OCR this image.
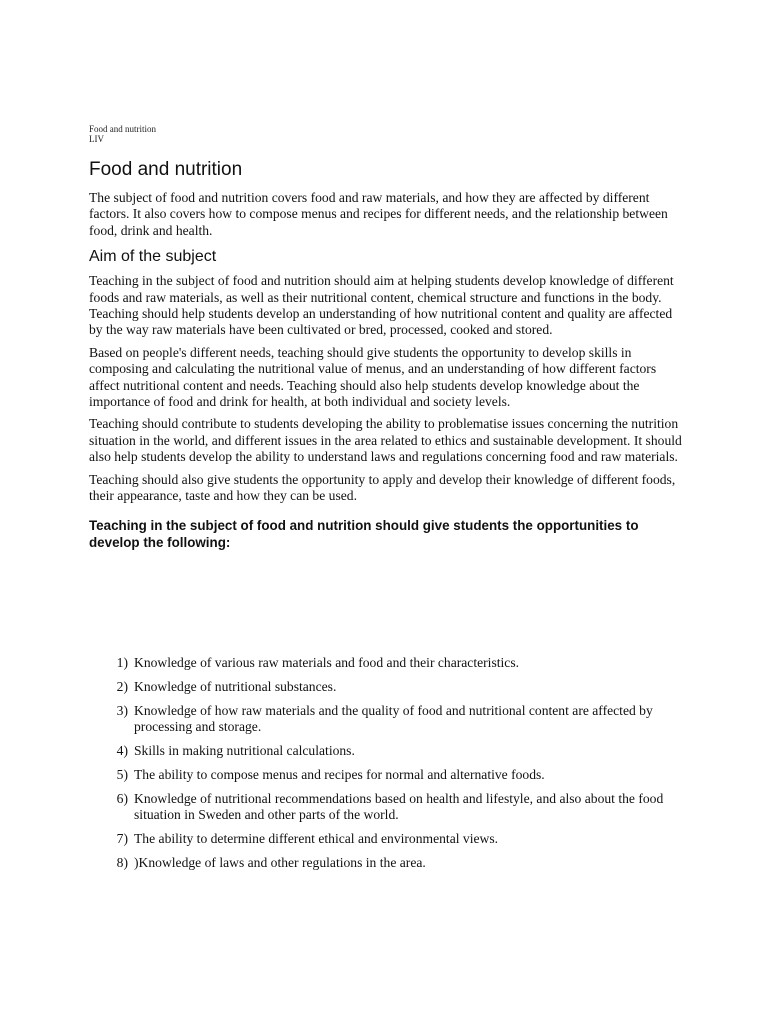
Food and nutrition
LIV
Food and nutrition

The subject of food and nutrition covers food and raw materials, and how they are affected by different factors. It also covers how to compose menus and recipes for different needs, and the relationship between food, drink and health.

Aim of the subject

Teaching in the subject of food and nutrition should aim at helping students develop knowledge of different foods and raw materials, as well as their nutritional content, chemical structure and functions in the body. Teaching should help students develop an understanding of how nutritional content and quality are affected by the way raw materials have been cultivated or bred, processed, cooked and stored.

Based on people's different needs, teaching should give students the opportunity to develop skills in composing and calculating the nutritional value of menus, and an understanding of how different factors affect nutritional content and needs. Teaching should also help students develop knowledge about the importance of food and drink for health, at both individual and society levels.

Teaching should contribute to students developing the ability to problematise issues concerning the nutrition situation in the world, and different issues in the area related to ethics and sustainable development. It should also help students develop the ability to understand laws and regulations concerning food and raw materials.

Teaching should also give students the opportunity to apply and develop their knowledge of different foods, their appearance, taste and how they can be used.

Teaching in the subject of food and nutrition should give students the opportunities to develop the following:
1) Knowledge of various raw materials and food and their characteristics.
2) Knowledge of nutritional substances.
3) Knowledge of how raw materials and the quality of food and nutritional content are affected by processing and storage.
4) Skills in making nutritional calculations.
5) The ability to compose menus and recipes for normal and alternative foods.
6) Knowledge of nutritional recommendations based on health and lifestyle, and also about the food situation in Sweden and other parts of the world.
7) The ability to determine different ethical and environmental views.
8) )Knowledge of laws and other regulations in the area.
